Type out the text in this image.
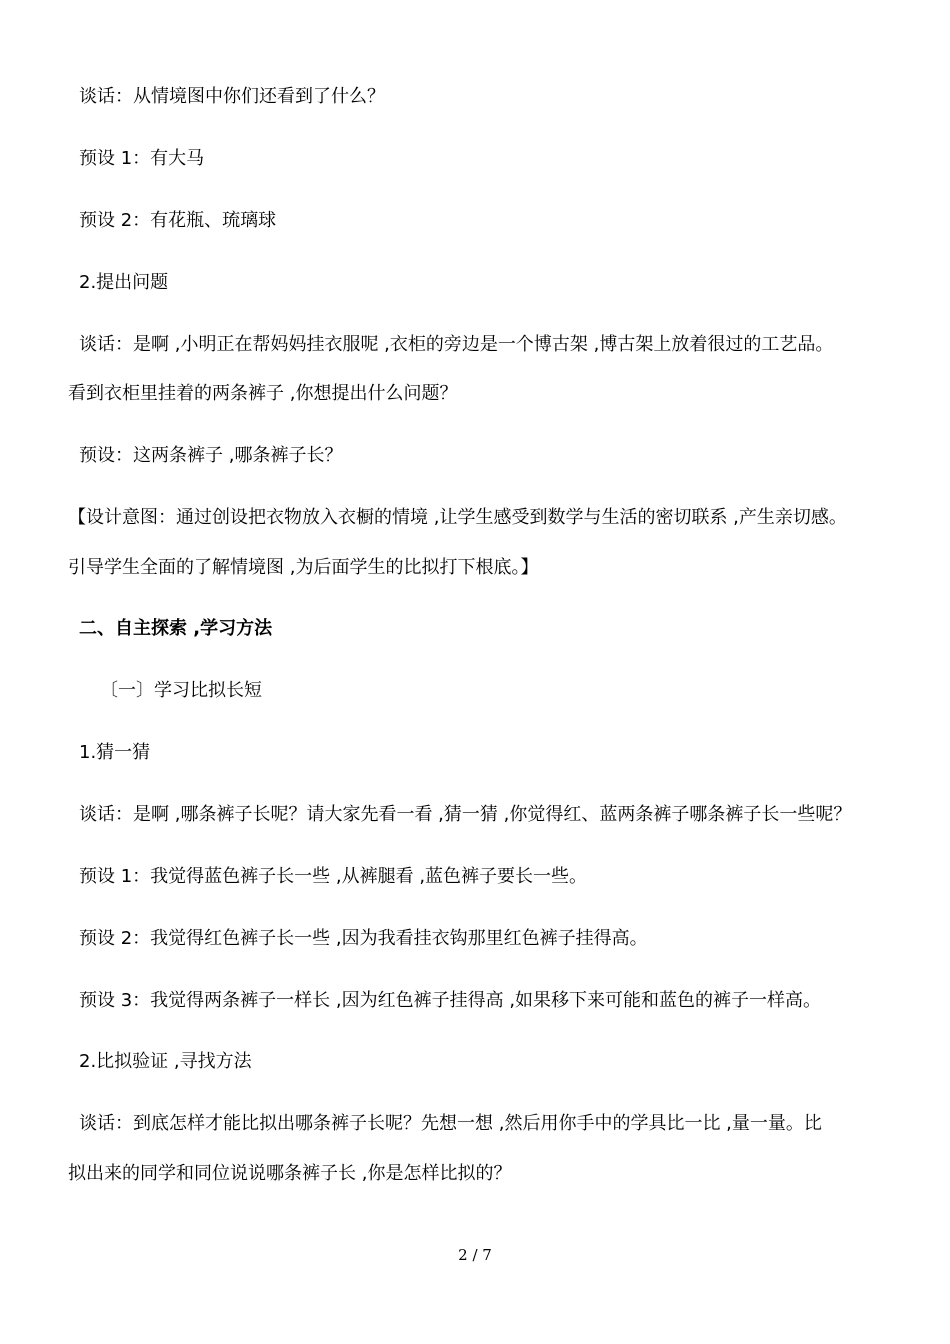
谈话：从情境图中你们还看到了什么？

预设 1：有大马

预设 2：有花瓶、琉璃球

2.提出问题

谈话：是啊 ,小明正在帮妈妈挂衣服呢 ,衣柜的旁边是一个博古架 ,博古架上放着很过的工艺品。

看到衣柜里挂着的两条裤子 ,你想提出什么问题？

预设：这两条裤子 ,哪条裤子长？

【设计意图：通过创设把衣物放入衣橱的情境 ,让学生感受到数学与生活的密切联系 ,产生亲切感。

引导学生全面的了解情境图 ,为后面学生的比拟打下根底。】

二、自主探索 ,学习方法

〔一〕学习比拟长短

1.猜一猜

谈话：是啊 ,哪条裤子长呢？请大家先看一看 ,猜一猜 ,你觉得红、蓝两条裤子哪条裤子长一些呢？

预设 1：我觉得蓝色裤子长一些 ,从裤腿看 ,蓝色裤子要长一些。

预设 2：我觉得红色裤子长一些 ,因为我看挂衣钩那里红色裤子挂得高。

预设 3：我觉得两条裤子一样长 ,因为红色裤子挂得高 ,如果移下来可能和蓝色的裤子一样高。

2.比拟验证 ,寻找方法

谈话：到底怎样才能比拟出哪条裤子长呢？先想一想 ,然后用你手中的学具比一比 ,量一量。比

拟出来的同学和同位说说哪条裤子长 ,你是怎样比拟的？

2 / 7
